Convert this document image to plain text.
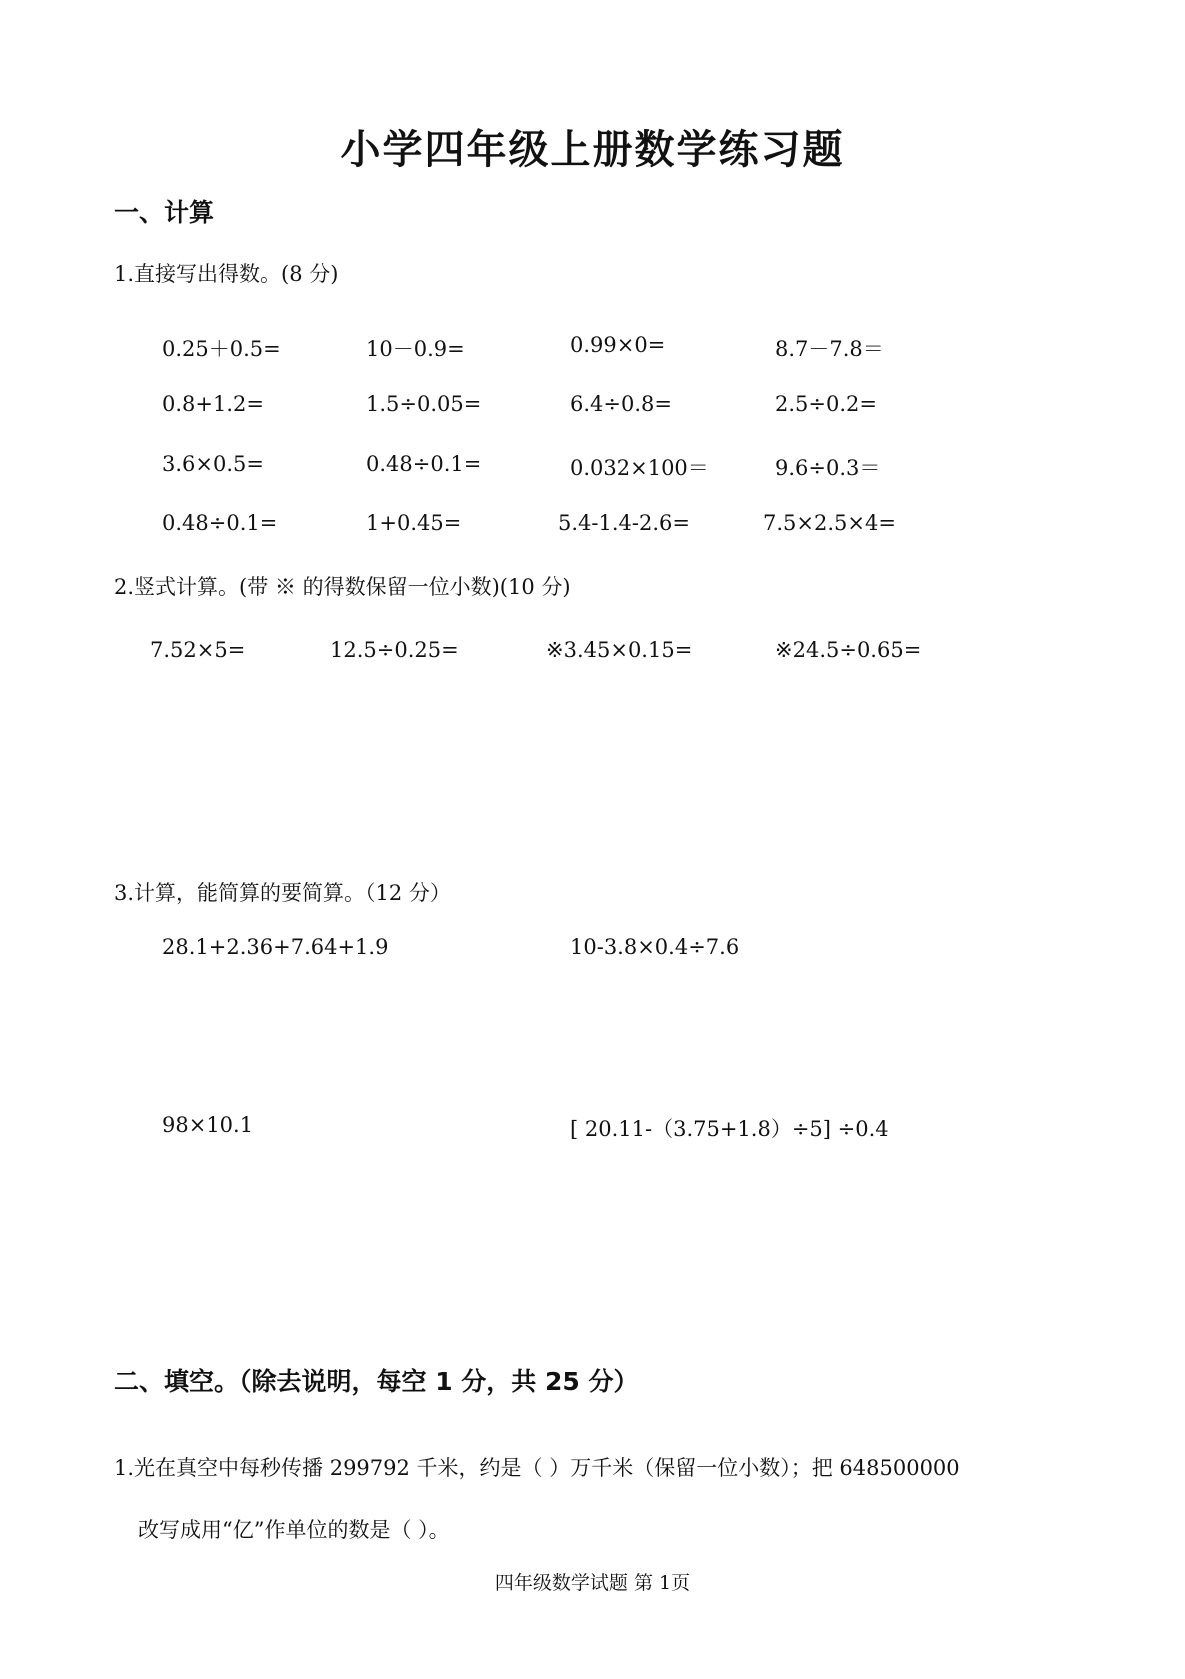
小学四年级上册数学练习题
一、计算
1.直接写出得数。(8 分)
0.25＋0.5=	10－0.9=	0.99×0=	8.7－7.8＝
0.8+1.2=	1.5÷0.05=	6.4÷0.8=	2.5÷0.2=
3.6×0.5=	0.48÷0.1=	0.032×100＝	9.6÷0.3＝
0.48÷0.1=	1+0.45=	5.4-1.4-2.6=	7.5×2.5×4=
2.竖式计算。(带 ※ 的得数保留一位小数)(10 分)
7.52×5=	12.5÷0.25=	※3.45×0.15=	※24.5÷0.65=
3.计算，能简算的要简算。（12 分）
28.1+2.36+7.64+1.9	10-3.8×0.4÷7.6
98×10.1	[ 20.11-（3.75+1.8）÷5] ÷0.4
二、填空。（除去说明，每空 1 分，共 25 分）
1.光在真空中每秒传播 299792 千米，约是（ ）万千米（保留一位小数）；把 648500000
改写成用“亿”作单位的数是（ ）。
四年级数学试题 第 1页
